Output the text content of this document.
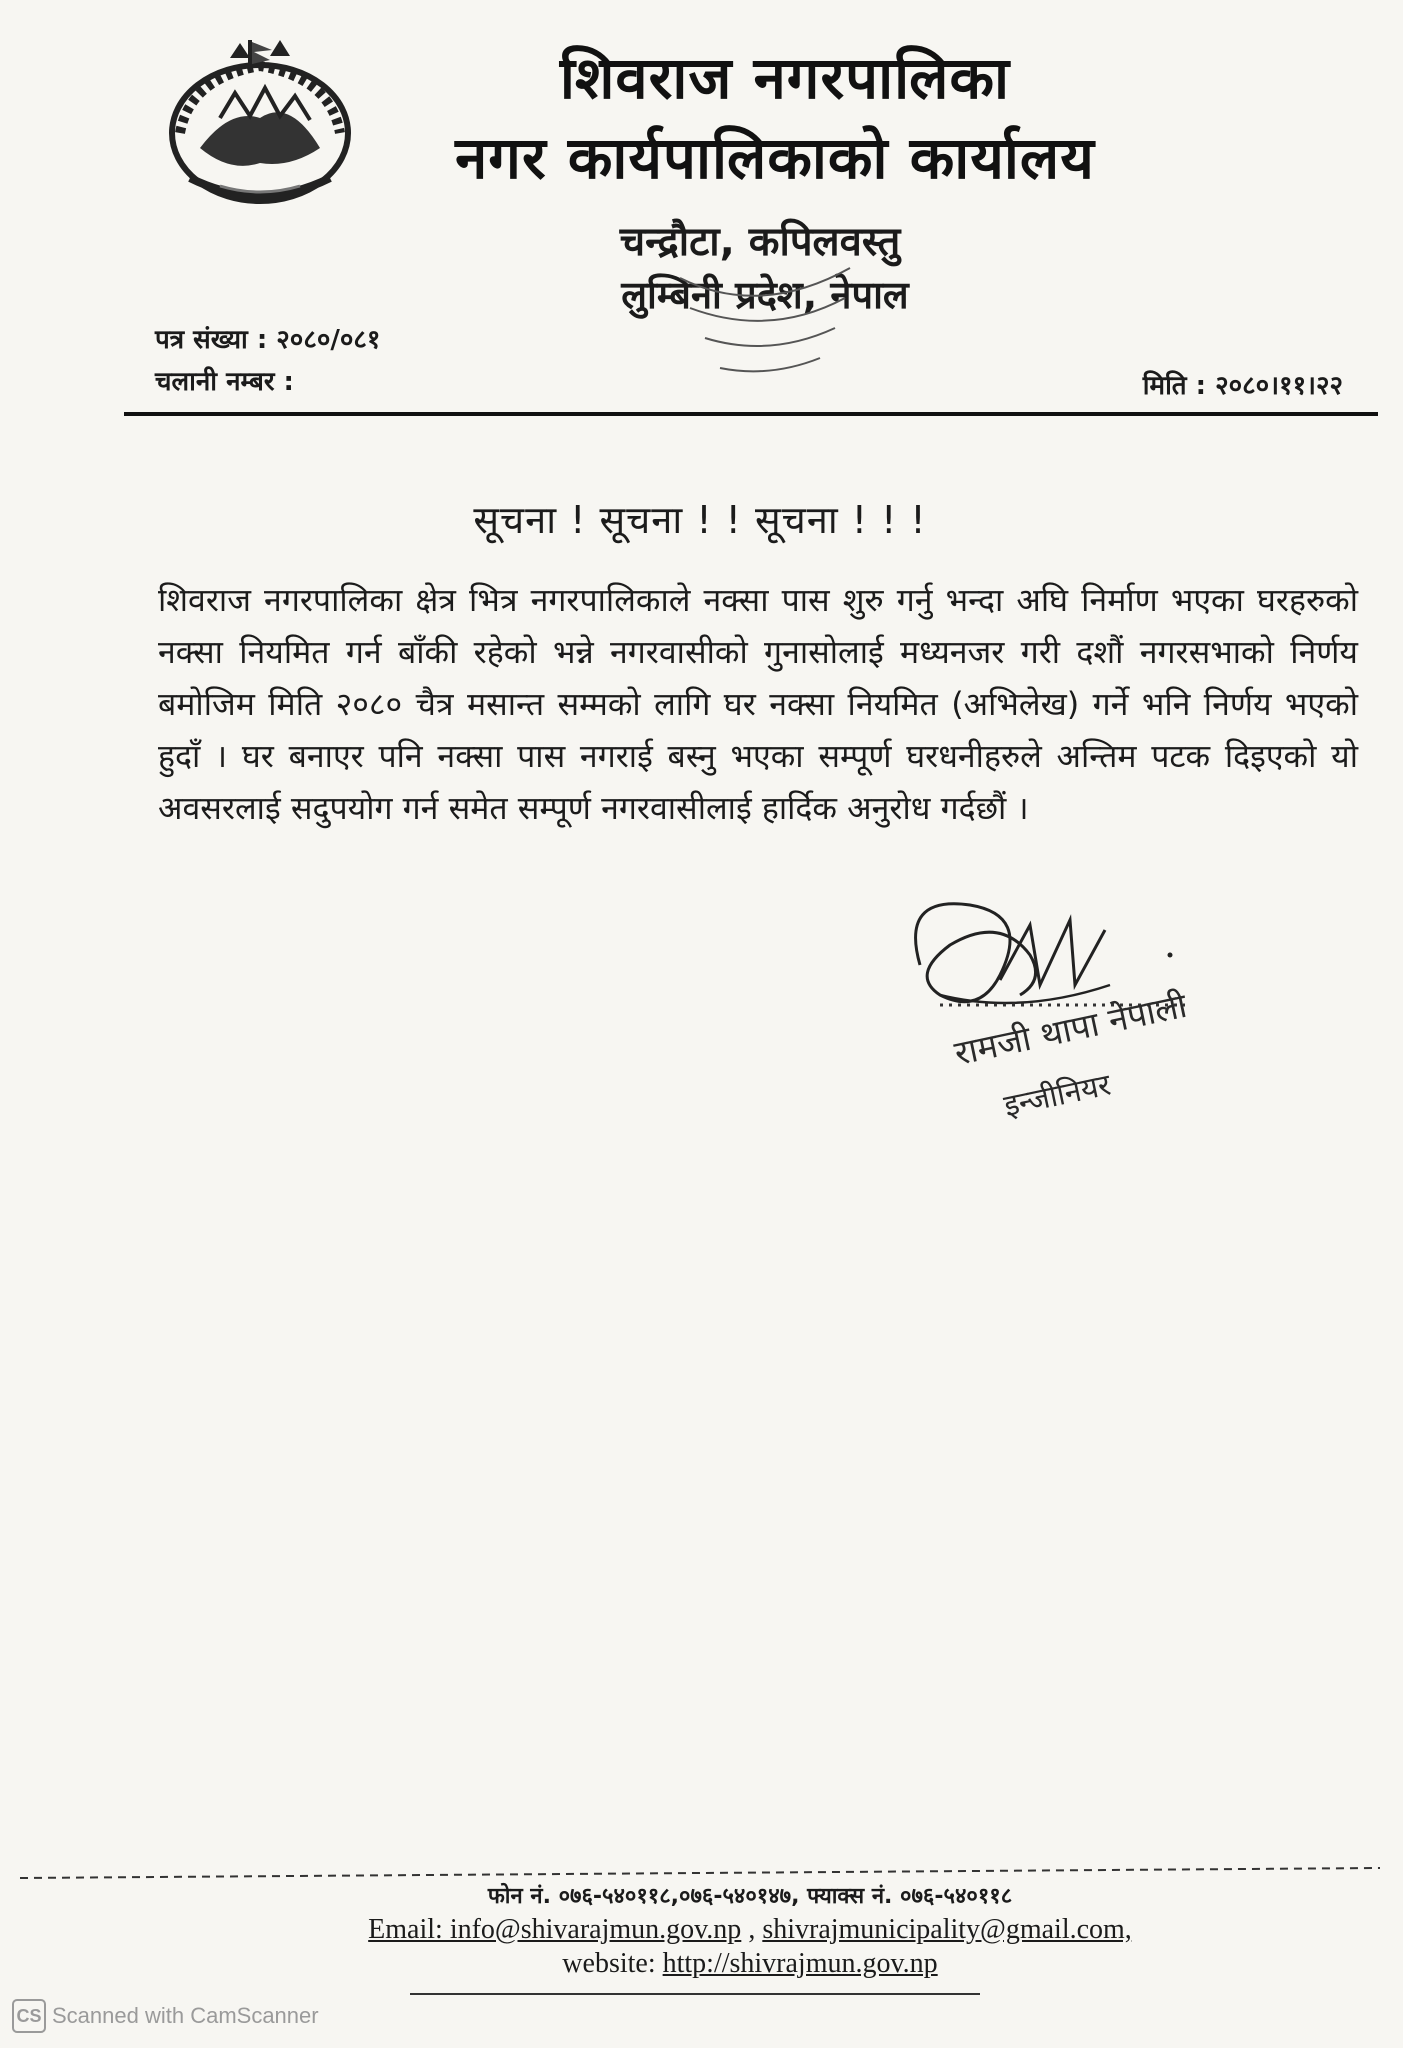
शिवराज नगरपालिका
नगर कार्यपालिकाको कार्यालय
चन्द्रौटा, कपिलवस्तु
लुम्बिनी प्रदेश, नेपाल
पत्र संख्या : २०८०/०८१
चलानी नम्बर :	मिति : २०८०।११।२२
सूचना ! सूचना ! ! सूचना ! ! !
शिवराज नगरपालिका क्षेत्र भित्र नगरपालिकाले नक्सा पास शुरु गर्नु भन्दा अघि निर्माण भएका घरहरुको नक्सा नियमित गर्न बाँकी रहेको भन्ने नगरवासीको गुनासोलाई मध्यनजर गरी दशौं नगरसभाको निर्णय बमोजिम मिति २०८० चैत्र मसान्त सम्मको लागि घर नक्सा नियमित (अभिलेख) गर्ने भनि निर्णय भएको हुदाँ । घर बनाएर पनि नक्सा पास नगराई बस्नु भएका सम्पूर्ण घरधनीहरुले अन्तिम पटक दिइएको यो अवसरलाई सदुपयोग गर्न समेत सम्पूर्ण नगरवासीलाई हार्दिक अनुरोध गर्दछौं ।
रामजी थापा नेपाली
इन्जीनियर
फोन नं. ०७६-५४०११८,०७६-५४०१४७, फ्याक्स नं. ०७६-५४०११८
Email: info@shivarajmun.gov.np , shivrajmunicipality@gmail.com,
website: http://shivrajmun.gov.np
CS Scanned with CamScanner
